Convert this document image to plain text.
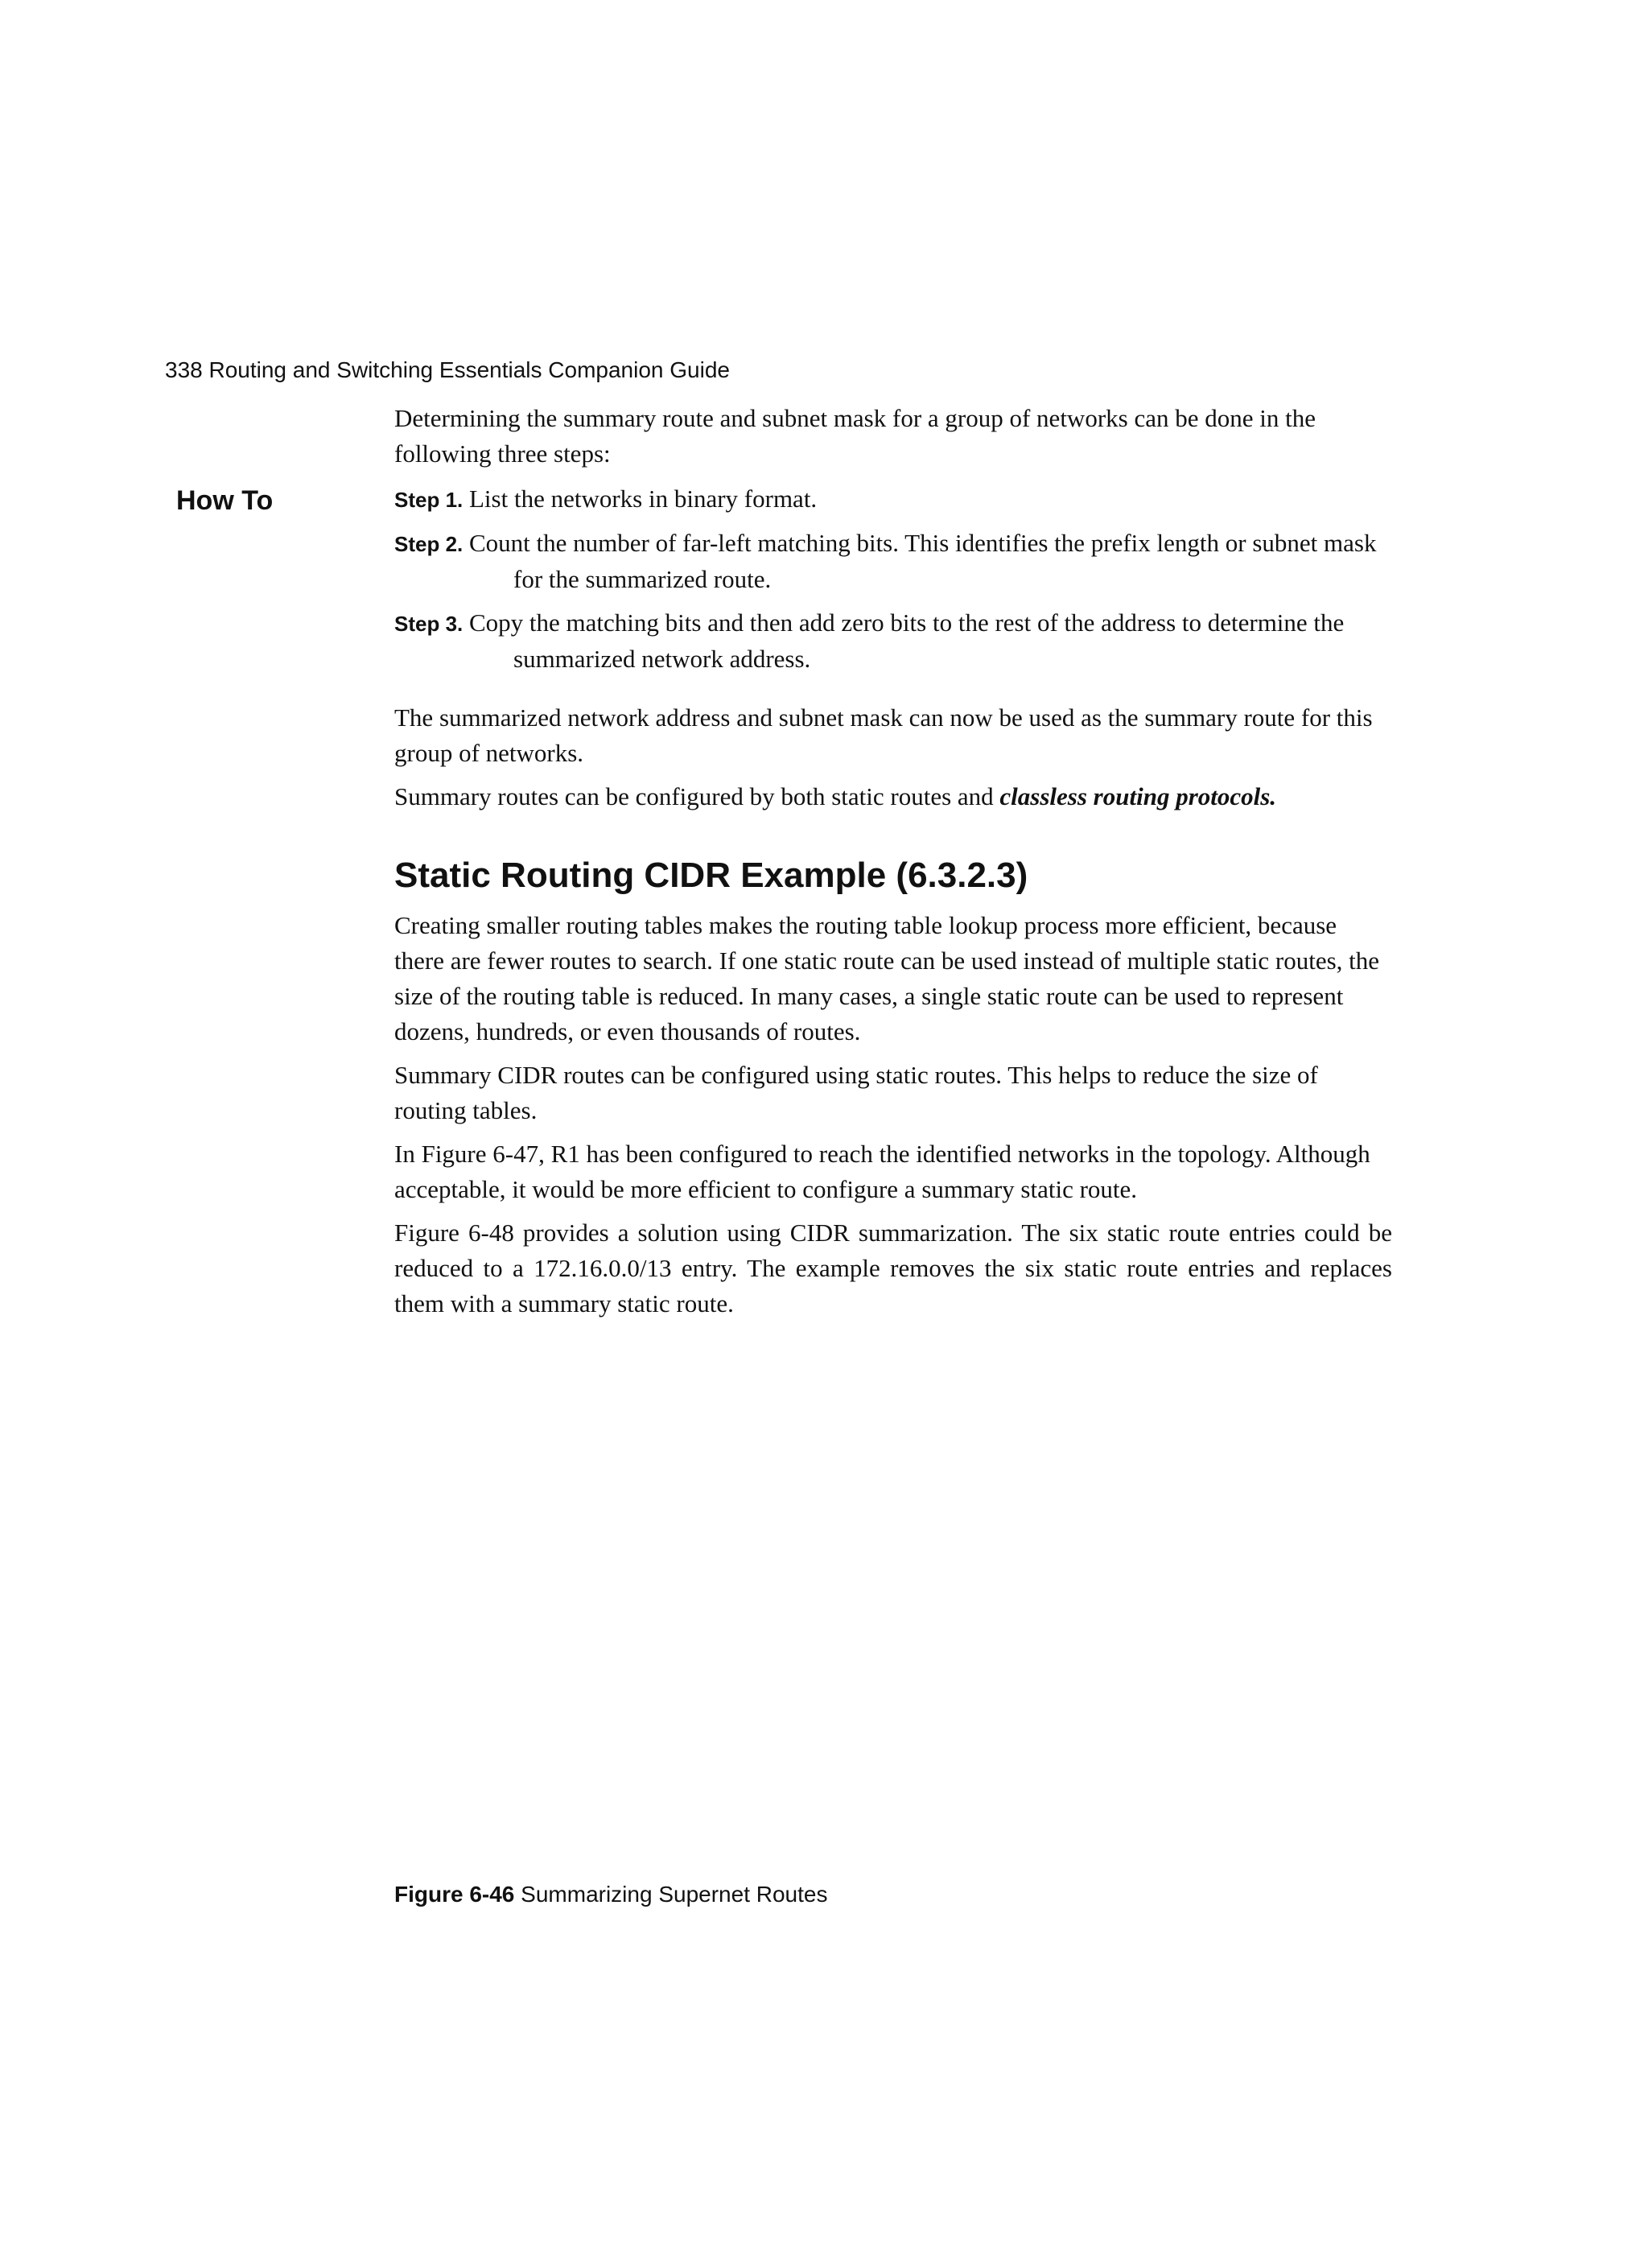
338 Routing and Switching Essentials Companion Guide
How To

Determining the summary route and subnet mask for a group of networks can be done in the following three steps:

Step 1. List the networks in binary format.

Step 2. Count the number of far-left matching bits. This identifies the prefix length or subnet mask for the summarized route.

Step 3. Copy the matching bits and then add zero bits to the rest of the address to determine the summarized network address.

The summarized network address and subnet mask can now be used as the summary route for this group of networks.

Summary routes can be configured by both static routes and classless routing protocols.

Static Routing CIDR Example (6.3.2.3)

Creating smaller routing tables makes the routing table lookup process more efficient, because there are fewer routes to search. If one static route can be used instead of multiple static routes, the size of the routing table is reduced. In many cases, a single static route can be used to represent dozens, hundreds, or even thousands of routes.

Summary CIDR routes can be configured using static routes. This helps to reduce the size of routing tables.

In Figure 6-47, R1 has been configured to reach the identified networks in the topology. Although acceptable, it would be more efficient to configure a summary static route.

Figure 6-48 provides a solution using CIDR summarization. The six static route entries could be reduced to a 172.16.0.0/13 entry. The example removes the six static route entries and replaces them with a summary static route.

Figure 6-46 Summarizing Supernet Routes
